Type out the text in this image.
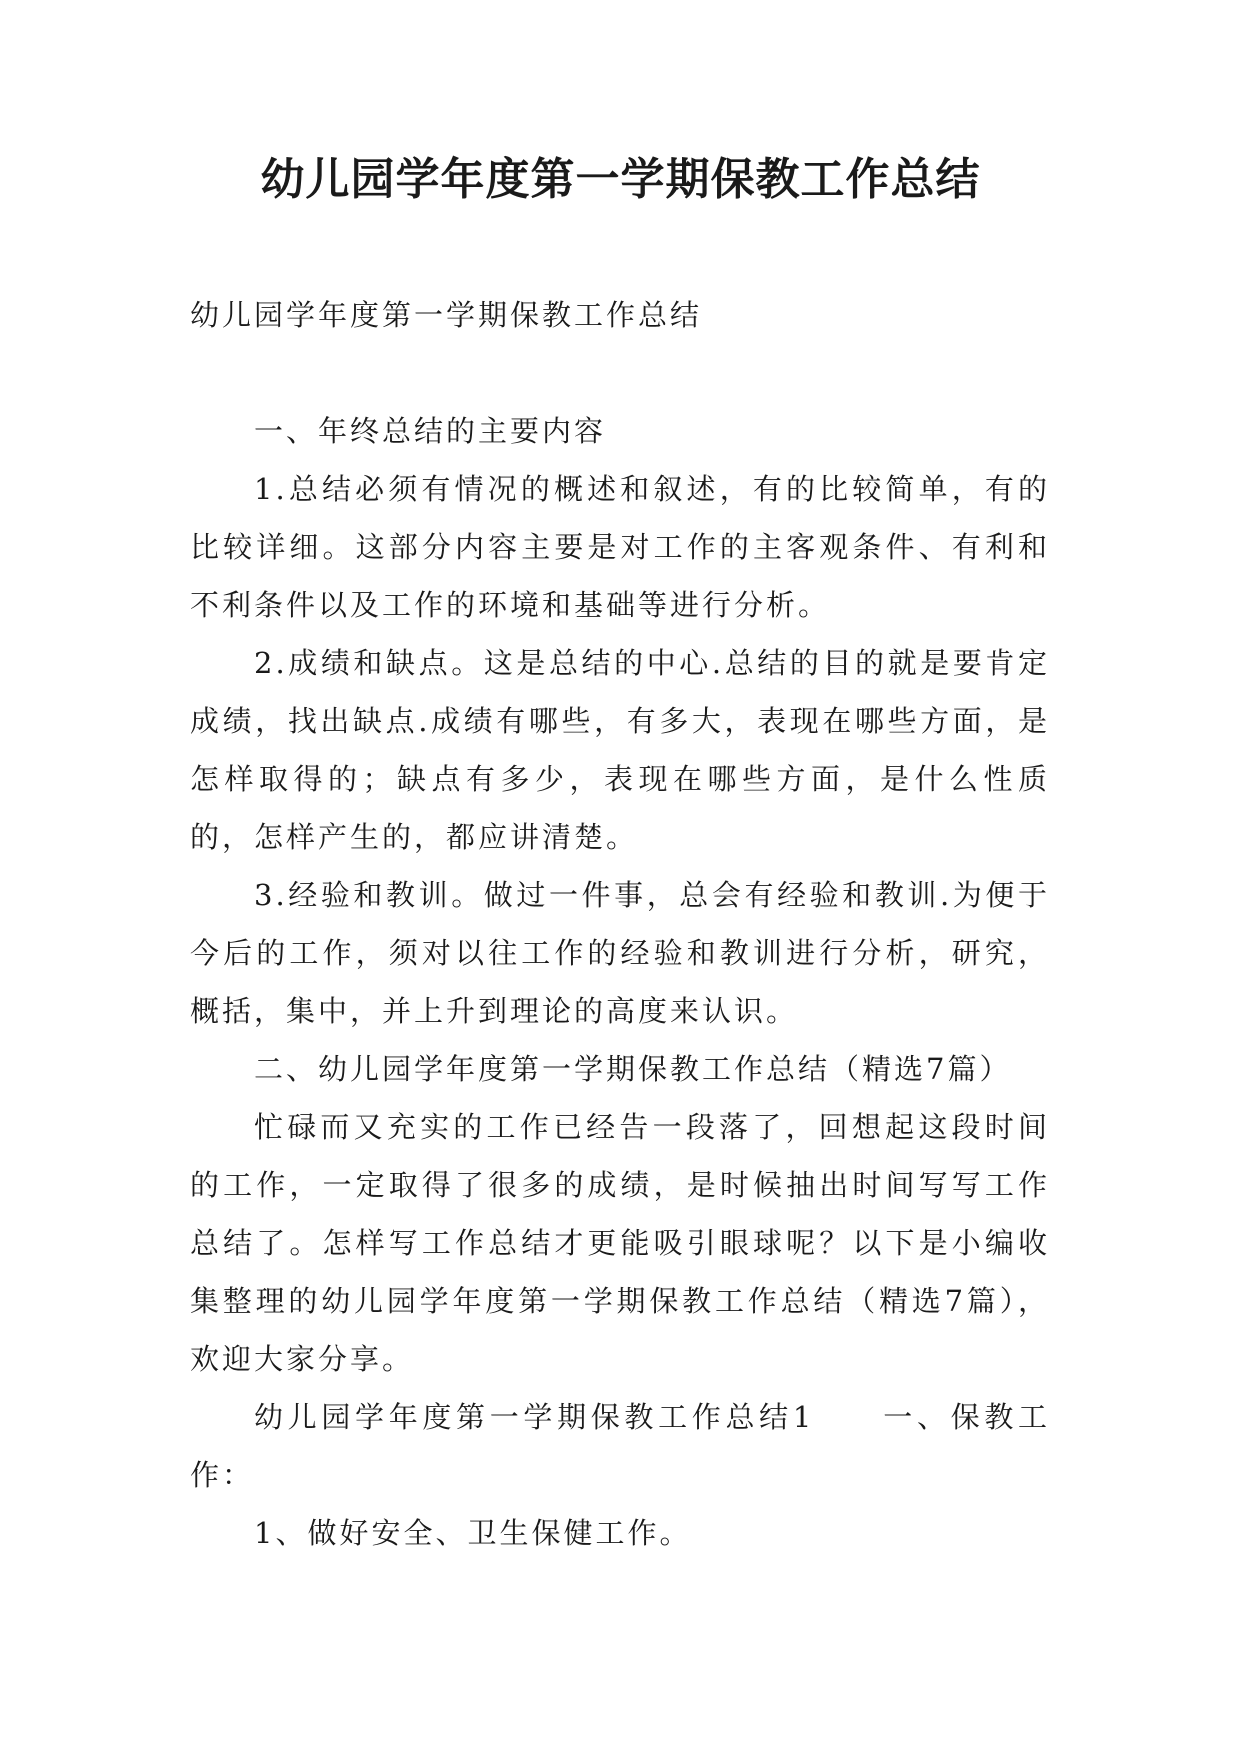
幼儿园学年度第一学期保教工作总结

幼儿园学年度第一学期保教工作总结

一、年终总结的主要内容

1.总结必须有情况的概述和叙述，有的比较简单，有的比较详细。这部分内容主要是对工作的主客观条件、有利和不利条件以及工作的环境和基础等进行分析。

2.成绩和缺点。这是总结的中心.总结的目的就是要肯定成绩，找出缺点.成绩有哪些，有多大，表现在哪些方面，是怎样取得的；缺点有多少，表现在哪些方面，是什么性质的，怎样产生的，都应讲清楚。

3.经验和教训。做过一件事，总会有经验和教训.为便于今后的工作，须对以往工作的经验和教训进行分析，研究，概括，集中，并上升到理论的高度来认识。

二、幼儿园学年度第一学期保教工作总结（精选7篇）

忙碌而又充实的工作已经告一段落了，回想起这段时间的工作，一定取得了很多的成绩，是时候抽出时间写写工作总结了。怎样写工作总结才更能吸引眼球呢？以下是小编收集整理的幼儿园学年度第一学期保教工作总结（精选7篇），欢迎大家分享。

幼儿园学年度第一学期保教工作总结1　　一、保教工作：

1、做好安全、卫生保健工作。
